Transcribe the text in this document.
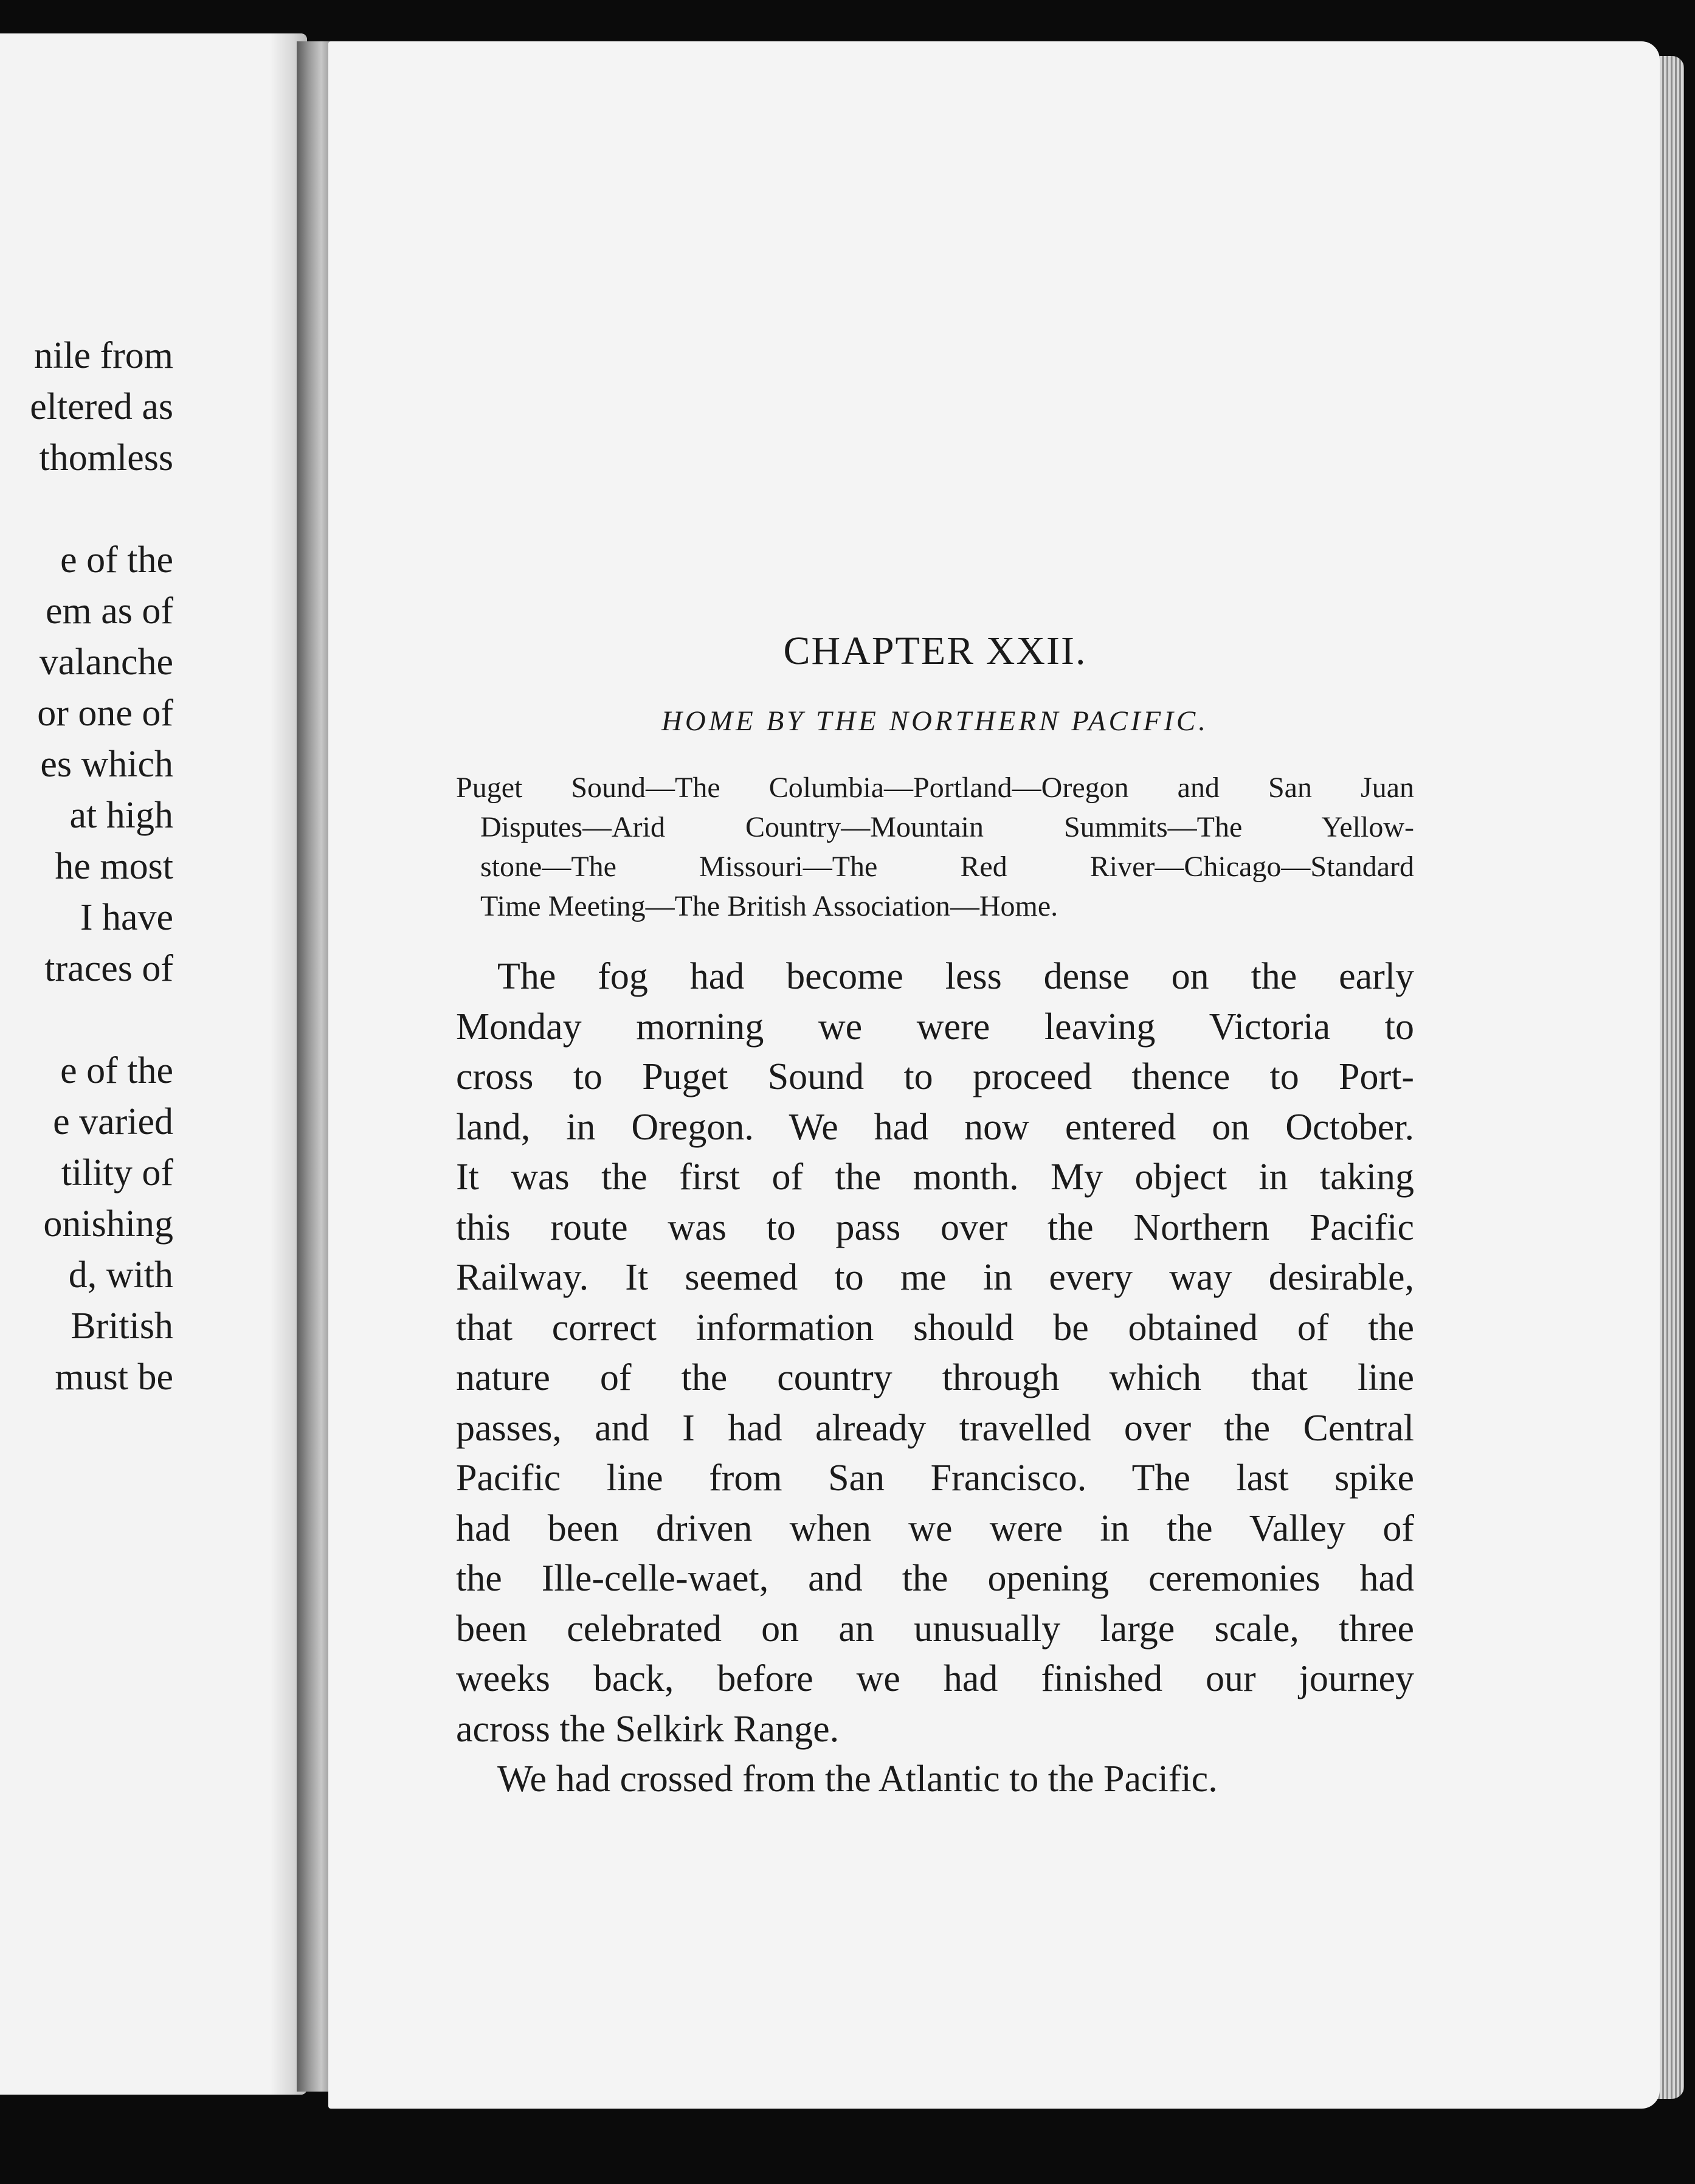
nile from
eltered as
thomless
e of the
em as of
valanche
or one of
es which
at high
he most
I have
traces of
e of the
e varied
tility of
onishing
d, with
British
must be
CHAPTER XXII.
HOME BY THE NORTHERN PACIFIC.
Puget Sound—The Columbia—Portland—Oregon and San Juan
Disputes—Arid Country—Mountain Summits—The Yellow-
stone—The Missouri—The Red River—Chicago—Standard
Time Meeting—The British Association—Home.
The fog had become less dense on the early
Monday morning we were leaving Victoria to
cross to Puget Sound to proceed thence to Port-
land, in Oregon. We had now entered on October.
It was the first of the month. My object in taking
this route was to pass over the Northern Pacific
Railway. It seemed to me in every way desirable,
that correct information should be obtained of the
nature of the country through which that line
passes, and I had already travelled over the Central
Pacific line from San Francisco. The last spike
had been driven when we were in the Valley of
the Ille-celle-waet, and the opening ceremonies had
been celebrated on an unusually large scale, three
weeks back, before we had finished our journey
across the Selkirk Range.
We had crossed from the Atlantic to the Pacific.
